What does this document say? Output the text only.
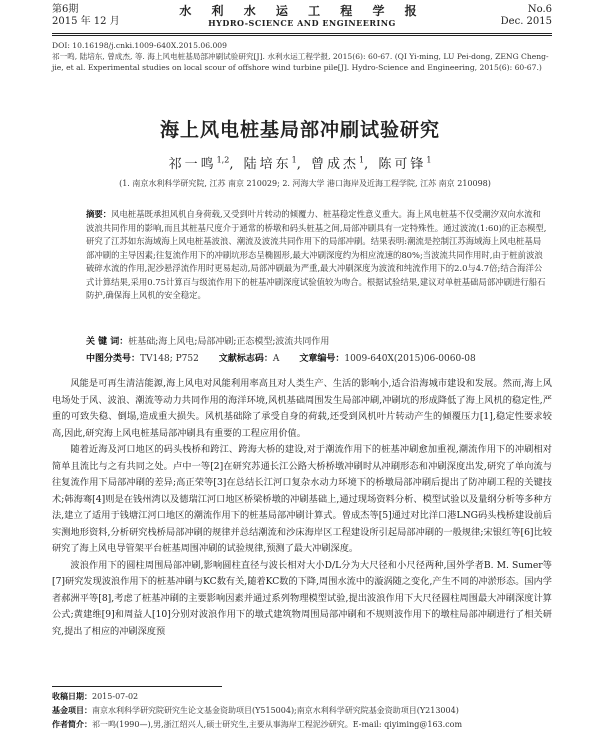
第6期
2015 年 12 月
水 利 水 运 工 程 学 报
HYDRO-SCIENCE AND ENGINEERING
No.6
Dec. 2015
DOI: 10.16198/j.cnki.1009-640X.2015.06.009
祁一鸣, 陆培东, 曾成杰, 等. 海上风电桩基局部冲刷试验研究[J]. 水利水运工程学报, 2015(6): 60-67. (QI Yi-ming, LU Pei-dong, ZENG Cheng-jie, et al. Experimental studies on local scour of offshore wind turbine pile[J]. Hydro-Science and Engineering, 2015(6): 60-67.)
海上风电桩基局部冲刷试验研究
祁一鸣$^{1,2}$, 陆培东$^1$, 曾成杰$^1$, 陈可锋$^1$
(1. 南京水利科学研究院, 江苏 南京 210029; 2. 河海大学 港口海岸及近海工程学院, 江苏 南京 210098)
摘要：风电桩基既承担风机自身荷载,又受到叶片转动的倾覆力、桩基稳定性意义重大。海上风电桩基不仅受潮汐双向水流和波浪共同作用的影响,而且其桩基尺度介于通常的桥墩和码头桩基之间,局部冲刷具有一定特殊性。通过波流(1:60)的正态模型,研究了江苏如东海域海上风电桩基波浪、潮流及波流共同作用下的局部冲刷。结果表明:潮流是控制江苏海域海上风电桩基局部冲刷的主导因素;往复流作用下的冲刷坑形态呈椭圆形,最大冲刷深度约为相应流速的80%;当波流共同作用时,由于桩前波浪破碎水流的作用,泥沙悬浮流作用时更易起动,局部冲刷最为严重,最大冲刷深度为波流和纯流作用下的2.0与4.7倍;结合海洋公式计算结果,采用0.75计算百与级流作用下的桩基冲刷深度试验值较为吻合。根据试验结果,建议对单桩基础局部冲刷进行船石防护,确保海上风机的安全稳定。
关 键 词：桩基础;海上风电;局部冲刷;正态模型;波流共同作用
中图分类号：TV148; P752 文献标志码：A 文章编号：1009-640X(2015)06-0060-08

风能是可再生清洁能源,海上风电对风能利用率高且对人类生产、生活的影响小,适合沿海城市建设和发展。然而,海上风电场处于风、波浪、潮流等动力共同作用的海洋环境,风机基础周围发生局部冲刷,冲刷坑的形成降低了海上风机的稳定性,严重的可致失稳、倒塌,造成重大损失。风机基础除了承受自身的荷载,还受到风机叶片转动产生的倾覆压力[1],稳定性要求较高,因此,研究海上风电桩基局部冲刷具有重要的工程应用价值。

随着近海及河口地区的码头栈桥和跨江、跨海大桥的建设,对于潮流作用下的桩基冲刷愈加重视,潮流作用下的冲刷相对简单且流比与之有共同之处。卢中一等[2]在研究苏通长江公路大桥桥墩冲刷时从冲刷形态和冲刷深度出发,研究了单向流与往复流作用下局部冲刷的差异;高正荣等[3]在总结长江河口复杂水动力环境下的桥墩局部冲刷后提出了防冲刷工程的关键技术;韩海骞[4]则是在钱州湾以及德瑞江河口地区桥梁桥墩的冲刷基础上,通过现场资料分析、模型试验以及量纲分析等多种方法,建立了适用于钱塘江河口地区的潮流作用下的桩基局部冲刷计算式。曾成杰等[5]通过对比洋口港LNG码头栈桥建设前后实测地形资料,分析研究栈桥局部冲刷的规律并总结潮流和沙床海岸区工程建设所引起局部冲刷的一般规律;宋银红等[6]比较研究了海上风电导管架平台桩基周围冲刷的试验规律,预测了最大冲刷深度。

波浪作用下的圆柱周围局部冲刷,影响圆柱直径与波长相对大小D/L分为大尺径和小尺径两种,国外学者B. M. Sumer等[7]研究发现波浪作用下的桩基冲刷与KC数有关,随着KC数的下降,周围水流中的漩涡随之变化,产生不同的冲淤形态。国内学者郝洲平等[8],考虑了桩基冲刷的主要影响因素并通过系列物理模型试验,提出波浪作用下大尺径圆柱周围最大冲刷深度计算公式;黄建维[9]和周益人[10]分别对波浪作用下的墩式建筑物周围局部冲刷和不规则波作用下的墩柱局部冲刷进行了相关研究,提出了相应的冲刷深度预

收稿日期：2015-07-02
基金项目：南京水利科学研究院研究生论文基金资助项目(Y515004);南京水利科学研究院基金资助项目(Y213004)
作者简介：祁一鸣(1990—),男,浙江绍兴人,硕士研究生,主要从事海岸工程泥沙研究。E-mail: qiyiming@163.com
